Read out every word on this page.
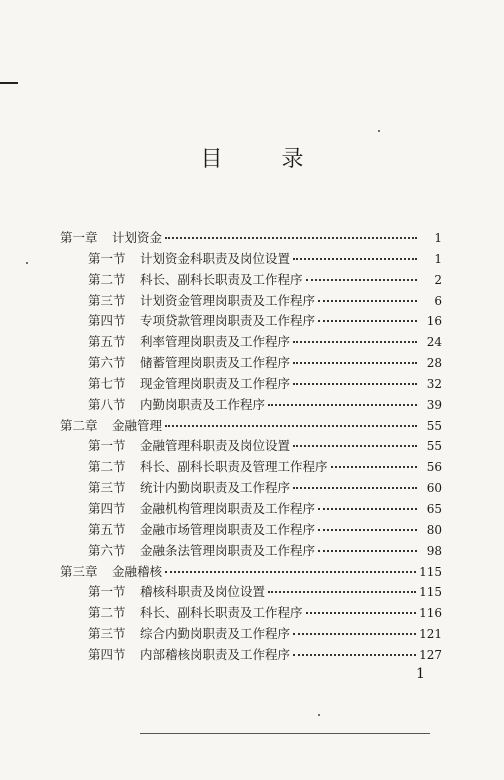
目 录
第一章	计划资金	1
第一节	计划资金科职责及岗位设置	1
第二节	科长、副科长职责及工作程序	2
第三节	计划资金管理岗职责及工作程序	6
第四节	专项贷款管理岗职责及工作程序	16
第五节	利率管理岗职责及工作程序	24
第六节	储蓄管理岗职责及工作程序	28
第七节	现金管理岗职责及工作程序	32
第八节	内勤岗职责及工作程序	39
第二章	金融管理	55
第一节	金融管理科职责及岗位设置	55
第二节	科长、副科长职责及管理工作程序	56
第三节	统计内勤岗职责及工作程序	60
第四节	金融机构管理岗职责及工作程序	65
第五节	金融市场管理岗职责及工作程序	80
第六节	金融条法管理岗职责及工作程序	98
第三章	金融稽核	115
第一节	稽核科职责及岗位设置	115
第二节	科长、副科长职责及工作程序	116
第三节	综合内勤岗职责及工作程序	121
第四节	内部稽核岗职责及工作程序	127
1
